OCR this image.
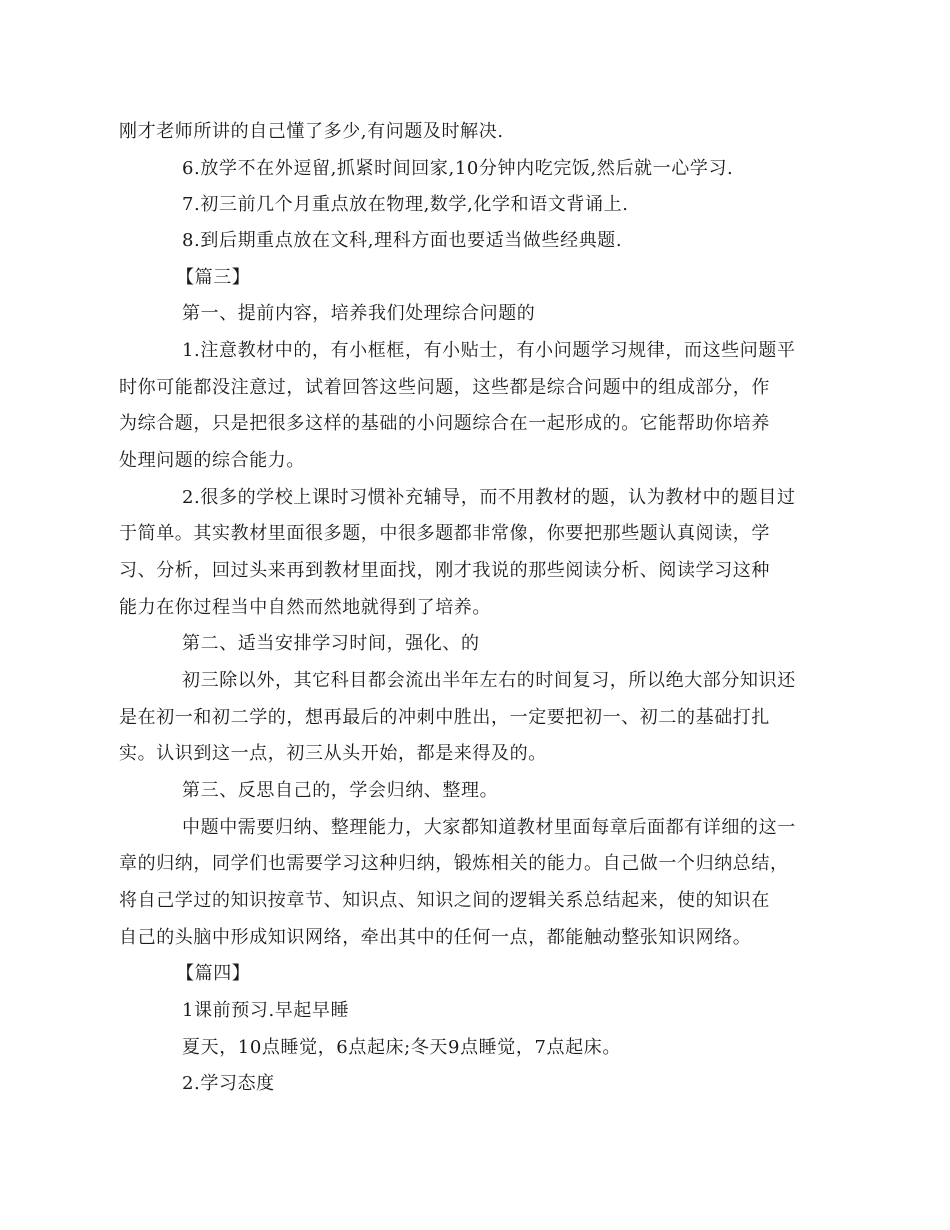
刚才老师所讲的自己懂了多少,有问题及时解决.
6.放学不在外逗留,抓紧时间回家,10分钟内吃完饭,然后就一心学习.
7.初三前几个月重点放在物理,数学,化学和语文背诵上.
8.到后期重点放在文科,理科方面也要适当做些经典题.
【篇三】
第一、提前内容，培养我们处理综合问题的
1.注意教材中的，有小框框，有小贴士，有小问题学习规律，而这些问题平
时你可能都没注意过，试着回答这些问题，这些都是综合问题中的组成部分，作
为综合题，只是把很多这样的基础的小问题综合在一起形成的。它能帮助你培养
处理问题的综合能力。
2.很多的学校上课时习惯补充辅导，而不用教材的题，认为教材中的题目过
于简单。其实教材里面很多题，中很多题都非常像，你要把那些题认真阅读，学
习、分析，回过头来再到教材里面找，刚才我说的那些阅读分析、阅读学习这种
能力在你过程当中自然而然地就得到了培养。
第二、适当安排学习时间，强化、的
初三除以外，其它科目都会流出半年左右的时间复习，所以绝大部分知识还
是在初一和初二学的，想再最后的冲刺中胜出，一定要把初一、初二的基础打扎
实。认识到这一点，初三从头开始，都是来得及的。
第三、反思自己的，学会归纳、整理。
中题中需要归纳、整理能力，大家都知道教材里面每章后面都有详细的这一
章的归纳，同学们也需要学习这种归纳，锻炼相关的能力。自己做一个归纳总结，
将自己学过的知识按章节、知识点、知识之间的逻辑关系总结起来，使的知识在
自己的头脑中形成知识网络，牵出其中的任何一点，都能触动整张知识网络。
【篇四】
1课前预习.早起早睡
夏天，10点睡觉，6点起床;冬天9点睡觉，7点起床。
2.学习态度
